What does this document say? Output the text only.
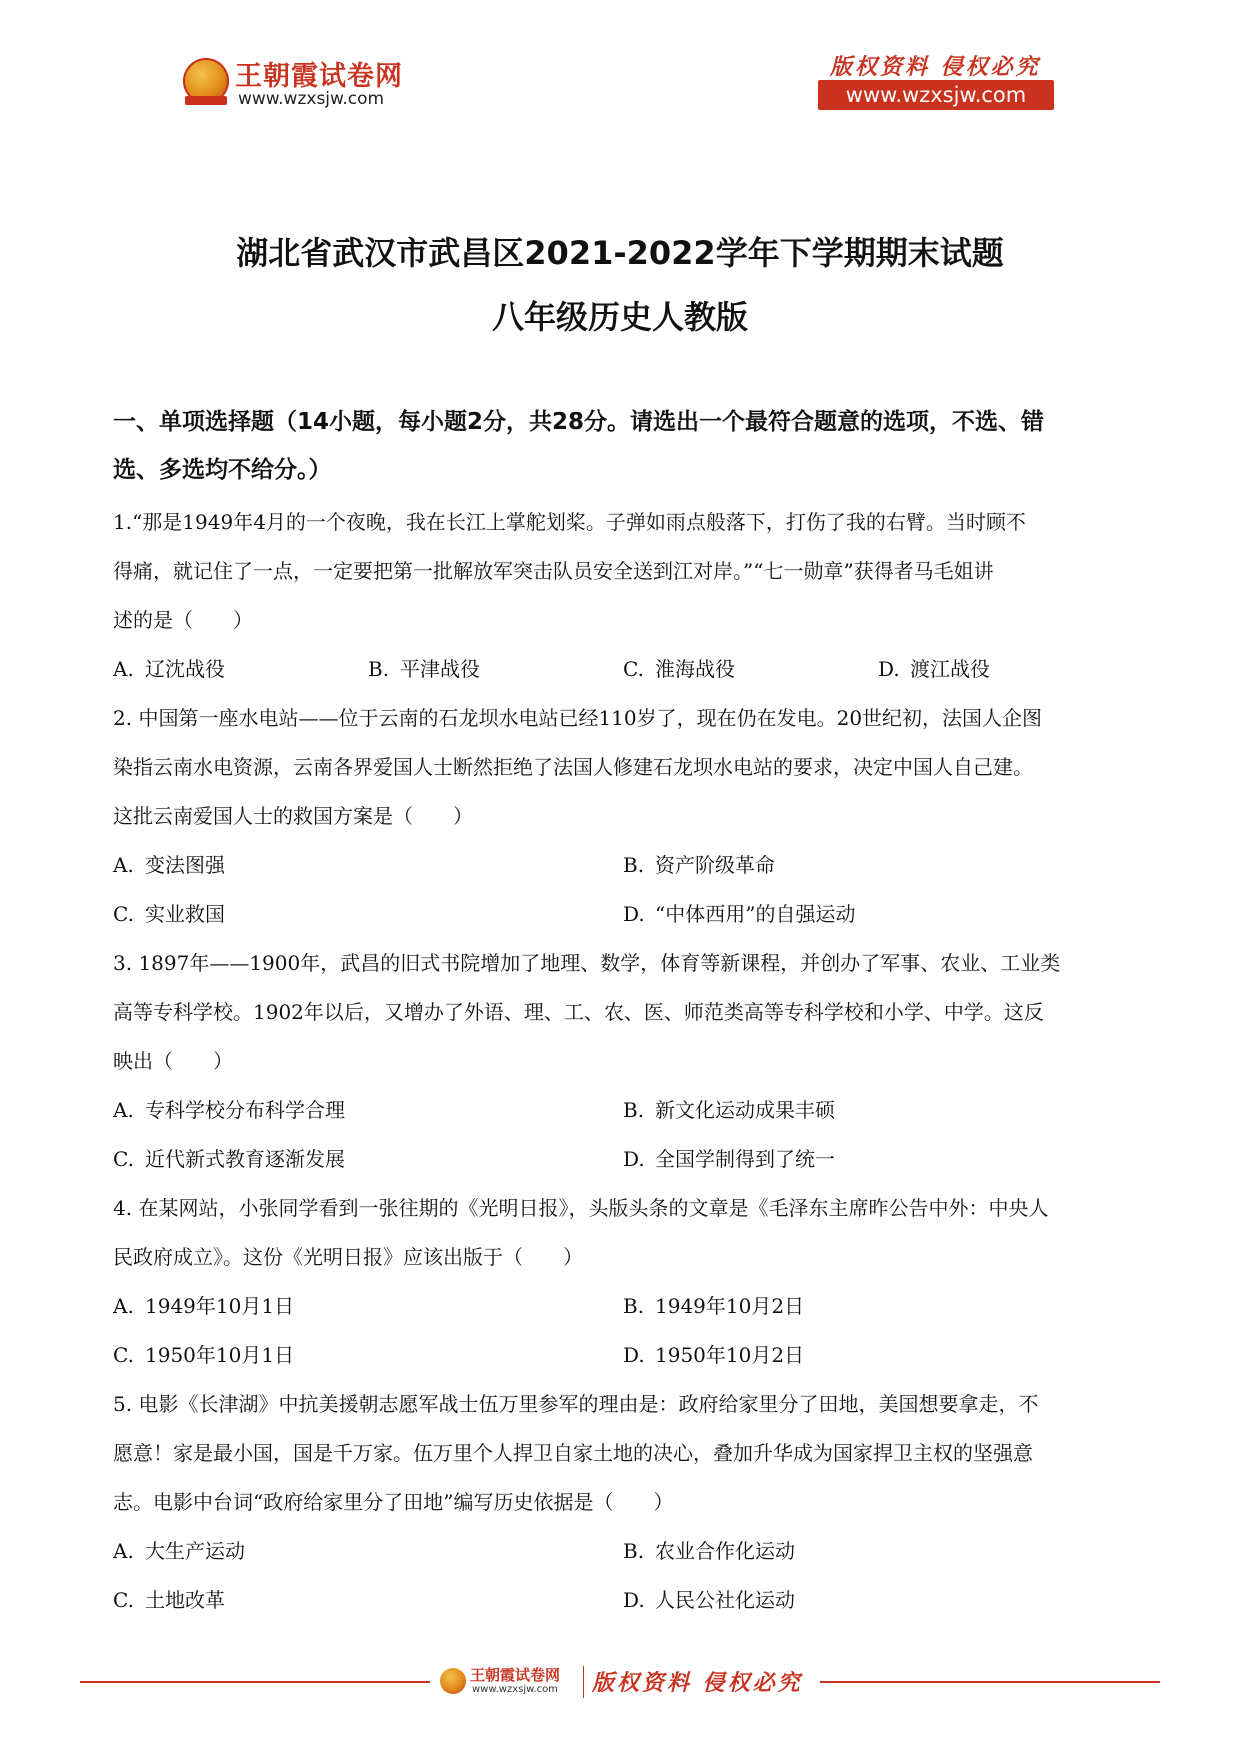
王朝霞试卷网
www.wzxsjw.com
版权资料 侵权必究
www.wzxsjw.com
湖北省武汉市武昌区2021-2022学年下学期期末试题
八年级历史人教版
一、单项选择题（14小题，每小题2分，共28分。请选出一个最符合题意的选项，不选、错
选、多选均不给分。）

1.“那是1949年4月的一个夜晚，我在长江上掌舵划桨。子弹如雨点般落下，打伤了我的右臂。当时顾不

得痛，就记住了一点，一定要把第一批解放军突击队员安全送到江对岸。”“七一勋章”获得者马毛姐讲

述的是（　　）

A. 辽沈战役	B. 平津战役	C. 淮海战役	D. 渡江战役

2. 中国第一座水电站——位于云南的石龙坝水电站已经110岁了，现在仍在发电。20世纪初，法国人企图

染指云南水电资源，云南各界爱国人士断然拒绝了法国人修建石龙坝水电站的要求，决定中国人自己建。

这批云南爱国人士的救国方案是（　　）

A. 变法图强	B. 资产阶级革命
C. 实业救国	D. “中体西用”的自强运动

3. 1897年——1900年，武昌的旧式书院增加了地理、数学，体育等新课程，并创办了军事、农业、工业类

高等专科学校。1902年以后，又增办了外语、理、工、农、医、师范类高等专科学校和小学、中学。这反

映出（　　）

A. 专科学校分布科学合理	B. 新文化运动成果丰硕
C. 近代新式教育逐渐发展	D. 全国学制得到了统一

4. 在某网站，小张同学看到一张往期的《光明日报》，头版头条的文章是《毛泽东主席昨公告中外：中央人

民政府成立》。这份《光明日报》应该出版于（　　）

A. 1949年10月1日	B. 1949年10月2日
C. 1950年10月1日	D. 1950年10月2日

5. 电影《长津湖》中抗美援朝志愿军战士伍万里参军的理由是：政府给家里分了田地，美国想要拿走，不

愿意！家是最小国，国是千万家。伍万里个人捍卫自家土地的决心，叠加升华成为国家捍卫主权的坚强意

志。电影中台词“政府给家里分了田地”编写历史依据是（　　）

A. 大生产运动	B. 农业合作化运动
C. 土地改革	D. 人民公社化运动
王朝霞试卷网
www.wzxsjw.com 版权资料 侵权必究
